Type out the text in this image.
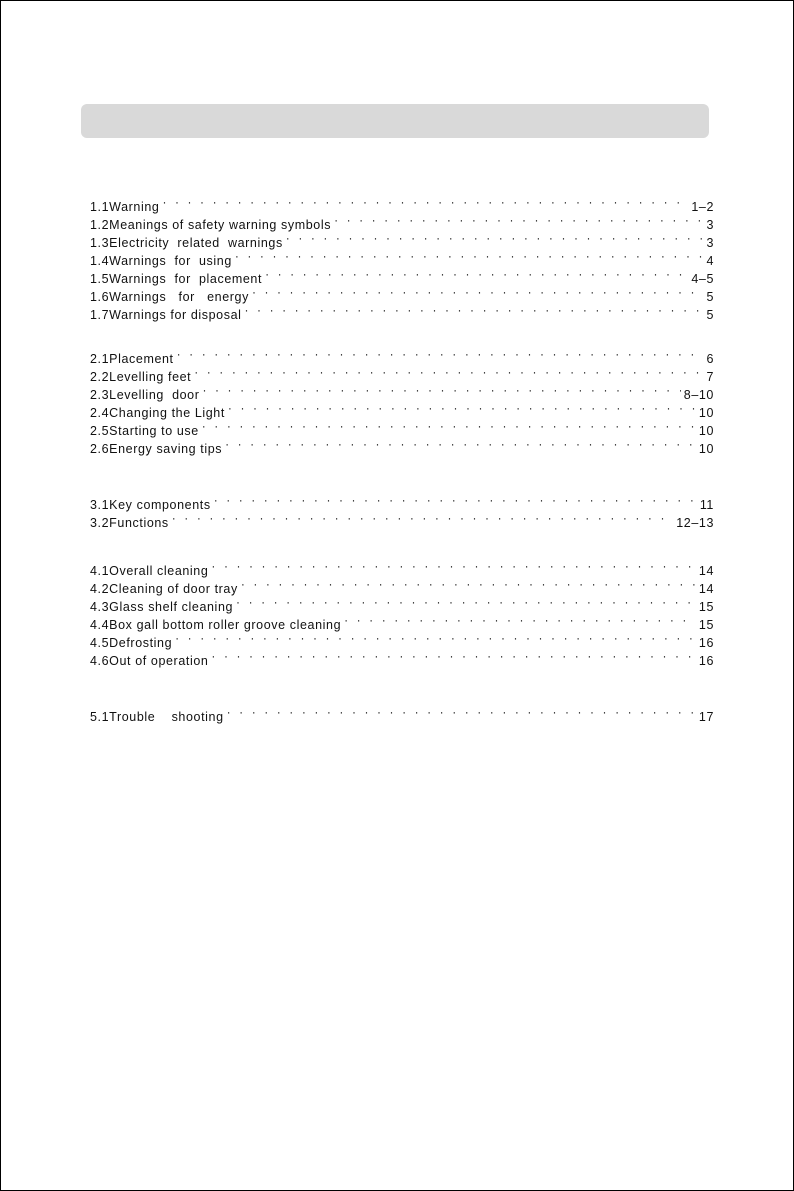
1.1Warning · · ·	1–2
1.2Meanings of safety warning symbols · · ·	3
1.3Electricity  related  warnings · · ·	3
1.4Warnings  for  using · · ·	4
1.5Warnings  for  placement · · ·	4–5
1.6Warnings   for   energy · · ·	5
1.7Warnings for disposal · · ·	5
2.1Placement · · ·	6
2.2Levelling feet · · ·	7
2.3Levelling  door · · ·	8–10
2.4Changing the Light · · ·	10
2.5Starting to use · · ·	10
2.6Energy saving tips · · ·	10
3.1Key components · · ·	11
3.2Functions · · ·	12–13
4.1Overall cleaning · · ·	14
4.2Cleaning of door tray · · ·	14
4.3Glass shelf cleaning · · ·	15
4.4Box gall bottom roller groove cleaning · · ·	15
4.5Defrosting · · ·	16
4.6Out of operation · · ·	16
5.1Trouble    shooting · · ·	17
